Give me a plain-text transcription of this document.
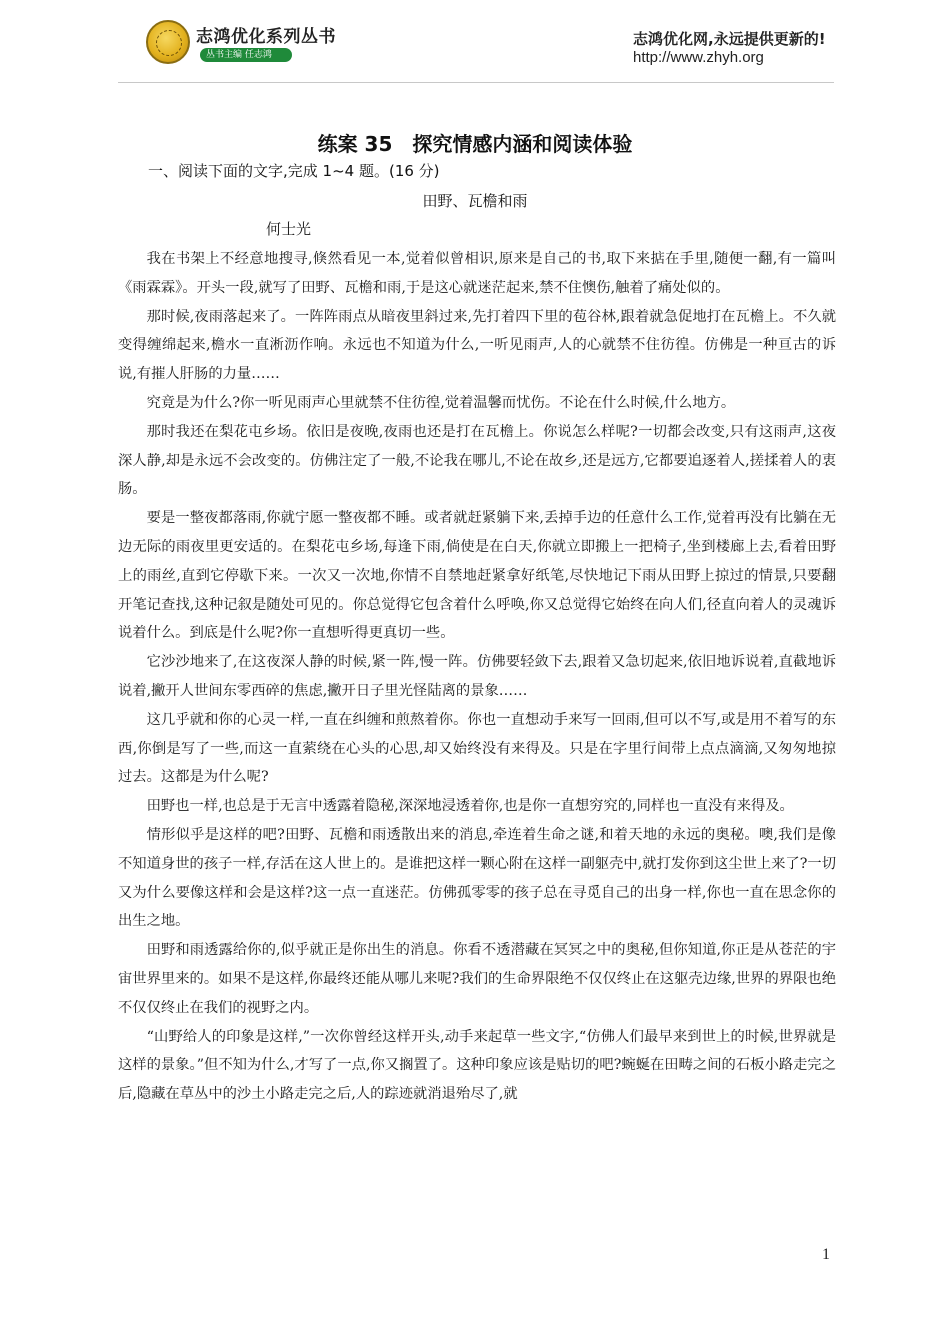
志鸿优化系列丛书
丛书主编 任志鸿
志鸿优化网,永远提供更新的!
http://www.zhyh.org
练案 35　探究情感内涵和阅读体验
一、阅读下面的文字,完成 1~4 题。(16 分)
田野、瓦檐和雨
何士光

我在书架上不经意地搜寻,倏然看见一本,觉着似曾相识,原来是自己的书,取下来掂在手里,随便一翻,有一篇叫《雨霖霖》。开头一段,就写了田野、瓦檐和雨,于是这心就迷茫起来,禁不住懊伤,触着了痛处似的。

那时候,夜雨落起来了。一阵阵雨点从暗夜里斜过来,先打着四下里的苞谷林,跟着就急促地打在瓦檐上。不久就变得缠绵起来,檐水一直淅沥作响。永远也不知道为什么,一听见雨声,人的心就禁不住彷徨。仿佛是一种亘古的诉说,有摧人肝肠的力量……

究竟是为什么?你一听见雨声心里就禁不住彷徨,觉着温馨而忧伤。不论在什么时候,什么地方。

那时我还在梨花屯乡场。依旧是夜晚,夜雨也还是打在瓦檐上。你说怎么样呢?一切都会改变,只有这雨声,这夜深人静,却是永远不会改变的。仿佛注定了一般,不论我在哪儿,不论在故乡,还是远方,它都要追逐着人,搓揉着人的衷肠。

要是一整夜都落雨,你就宁愿一整夜都不睡。或者就赶紧躺下来,丢掉手边的任意什么工作,觉着再没有比躺在无边无际的雨夜里更安适的。在梨花屯乡场,每逢下雨,倘使是在白天,你就立即搬上一把椅子,坐到楼廊上去,看着田野上的雨丝,直到它停歇下来。一次又一次地,你情不自禁地赶紧拿好纸笔,尽快地记下雨从田野上掠过的情景,只要翻开笔记查找,这种记叙是随处可见的。你总觉得它包含着什么呼唤,你又总觉得它始终在向人们,径直向着人的灵魂诉说着什么。到底是什么呢?你一直想听得更真切一些。

它沙沙地来了,在这夜深人静的时候,紧一阵,慢一阵。仿佛要轻敛下去,跟着又急切起来,依旧地诉说着,直截地诉说着,撇开人世间东零西碎的焦虑,撇开日子里光怪陆离的景象……

这几乎就和你的心灵一样,一直在纠缠和煎熬着你。你也一直想动手来写一回雨,但可以不写,或是用不着写的东西,你倒是写了一些,而这一直萦绕在心头的心思,却又始终没有来得及。只是在字里行间带上点点滴滴,又匆匆地掠过去。这都是为什么呢?

田野也一样,也总是于无言中透露着隐秘,深深地浸透着你,也是你一直想穷究的,同样也一直没有来得及。

情形似乎是这样的吧?田野、瓦檐和雨透散出来的消息,牵连着生命之谜,和着天地的永远的奥秘。噢,我们是像不知道身世的孩子一样,存活在这人世上的。是谁把这样一颗心附在这样一副躯壳中,就打发你到这尘世上来了?一切又为什么要像这样和会是这样?这一点一直迷茫。仿佛孤零零的孩子总在寻觅自己的出身一样,你也一直在思念你的出生之地。

田野和雨透露给你的,似乎就正是你出生的消息。你看不透潜藏在冥冥之中的奥秘,但你知道,你正是从苍茫的宇宙世界里来的。如果不是这样,你最终还能从哪儿来呢?我们的生命界限绝不仅仅终止在这躯壳边缘,世界的界限也绝不仅仅终止在我们的视野之内。

“山野给人的印象是这样,”一次你曾经这样开头,动手来起草一些文字,“仿佛人们最早来到世上的时候,世界就是这样的景象。”但不知为什么,才写了一点,你又搁置了。这种印象应该是贴切的吧?蜿蜒在田畴之间的石板小路走完之后,隐藏在草丛中的沙土小路走完之后,人的踪迹就消退殆尽了,就

1
